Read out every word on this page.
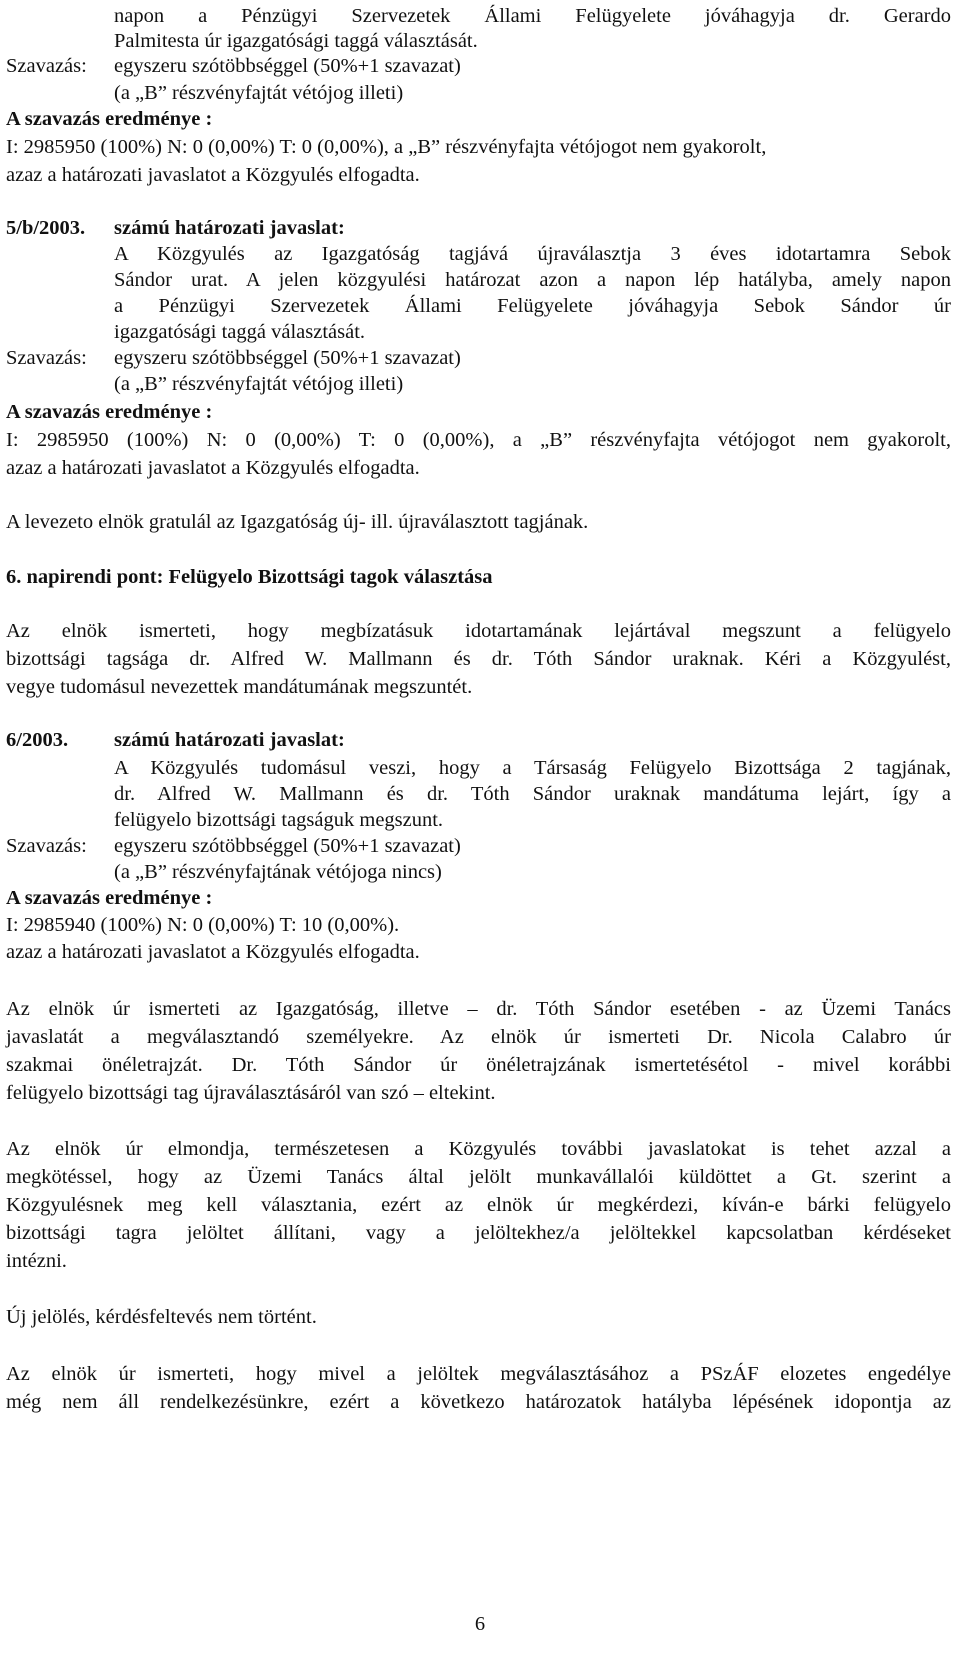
napon a Pénzügyi Szervezetek Állami Felügyelete jóváhagyja dr. Gerardo
Palmitesta úr igazgatósági taggá választását.
Szavazás: egyszeru szótöbbséggel (50%+1 szavazat)
(a „B” részvényfajtát vétójog illeti)
A szavazás eredménye :
I: 2985950 (100%) N: 0 (0,00%) T: 0 (0,00%), a „B” részvényfajta vétójogot nem gyakorolt,
azaz a határozati javaslatot a Közgyulés elfogadta.
5/b/2003. számú határozati javaslat:
A Közgyulés az Igazgatóság tagjává újraválasztja 3 éves idotartamra Sebok
Sándor urat. A jelen közgyulési határozat azon a napon lép hatályba, amely napon
a Pénzügyi Szervezetek Állami Felügyelete jóváhagyja Sebok Sándor úr
igazgatósági taggá választását.
Szavazás: egyszeru szótöbbséggel (50%+1 szavazat)
(a „B” részvényfajtát vétójog illeti)
A szavazás eredménye :
I: 2985950 (100%) N: 0 (0,00%) T: 0 (0,00%), a „B” részvényfajta vétójogot nem gyakorolt,
azaz a határozati javaslatot a Közgyulés elfogadta.
A levezeto elnök gratulál az Igazgatóság új- ill. újraválasztott tagjának.
6. napirendi pont: Felügyelo Bizottsági tagok választása
Az elnök ismerteti, hogy megbízatásuk idotartamának lejártával megszunt a felügyelo
bizottsági tagsága dr. Alfred W. Mallmann és dr. Tóth Sándor uraknak. Kéri a Közgyulést,
vegye tudomásul nevezettek mandátumának megszuntét.
6/2003. számú határozati javaslat:
A Közgyulés tudomásul veszi, hogy a Társaság Felügyelo Bizottsága 2 tagjának,
dr. Alfred W. Mallmann és dr. Tóth Sándor uraknak mandátuma lejárt, így a
felügyelo bizottsági tagságuk megszunt.
Szavazás: egyszeru szótöbbséggel (50%+1 szavazat)
(a „B” részvényfajtának vétójoga nincs)
A szavazás eredménye :
I: 2985940 (100%) N: 0 (0,00%) T: 10 (0,00%).
azaz a határozati javaslatot a Közgyulés elfogadta.
Az elnök úr ismerteti az Igazgatóság, illetve – dr. Tóth Sándor esetében - az Üzemi Tanács
javaslatát a megválasztandó személyekre. Az elnök úr ismerteti Dr. Nicola Calabro úr
szakmai önéletrajzát. Dr. Tóth Sándor úr önéletrajzának ismertetésétol - mivel korábbi
felügyelo bizottsági tag újraválasztásáról van szó – eltekint.
Az elnök úr elmondja, természetesen a Közgyulés további javaslatokat is tehet azzal a
megkötéssel, hogy az Üzemi Tanács által jelölt munkavállalói küldöttet a Gt. szerint a
Közgyulésnek meg kell választania, ezért az elnök úr megkérdezi, kíván-e bárki felügyelo
bizottsági tagra jelöltet állítani, vagy a jelöltekhez/a jelöltekkel kapcsolatban kérdéseket
intézni.
Új jelölés, kérdésfeltevés nem történt.
Az elnök úr ismerteti, hogy mivel a jelöltek megválasztásához a PSzÁF elozetes engedélye
még nem áll rendelkezésünkre, ezért a következo határozatok hatályba lépésének idopontja az
6
